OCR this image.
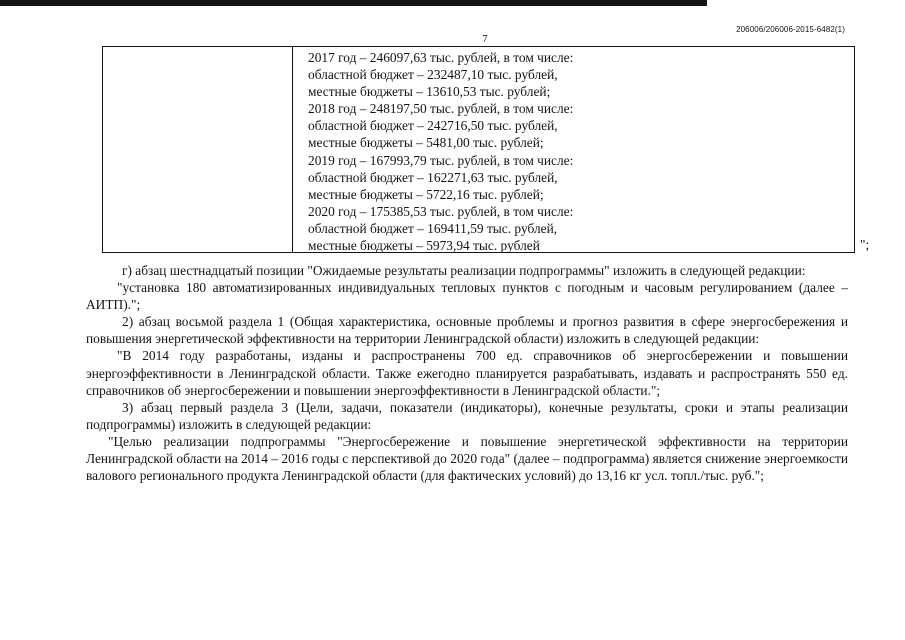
7
206006/206006-2015-6482(1)
2017 год – 246097,63 тыс. рублей, в том числе:
областной бюджет – 232487,10 тыс. рублей,
местные бюджеты – 13610,53 тыс. рублей;
2018 год – 248197,50 тыс. рублей, в том числе:
областной бюджет – 242716,50 тыс. рублей,
местные бюджеты – 5481,00 тыс. рублей;
2019 год – 167993,79 тыс. рублей, в том числе:
областной бюджет – 162271,63 тыс. рублей,
местные бюджеты – 5722,16 тыс. рублей;
2020 год – 175385,53 тыс. рублей, в том числе:
областной бюджет – 169411,59 тыс. рублей,
местные бюджеты – 5973,94 тыс. рублей	";

г) абзац шестнадцатый позиции "Ожидаемые результаты реализации подпрограммы" изложить в следующей редакции:

"установка 180 автоматизированных индивидуальных тепловых пунктов с погодным и часовым регулированием (далее – АИТП).";

2) абзац восьмой раздела 1 (Общая характеристика, основные проблемы и прогноз развития в сфере энергосбережения и повышения энергетической эффективности на территории Ленинградской области) изложить в следующей редакции:

"В 2014 году разработаны, изданы и распространены 700 ед. справочников об энергосбережении и повышении энергоэффективности в Ленинградской области. Также ежегодно планируется разрабатывать, издавать и распространять 550 ед. справочников об энергосбережении и повышении энергоэффективности в Ленинградской области.";

3) абзац первый раздела 3 (Цели, задачи, показатели (индикаторы), конечные результаты, сроки и этапы реализации подпрограммы) изложить в следующей редакции:

"Целью реализации подпрограммы "Энергосбережение и повышение энергетической эффективности на территории Ленинградской области на 2014 – 2016 годы с перспективой до 2020 года" (далее – подпрограмма) является снижение энергоемкости валового регионального продукта Ленинградской области (для фактических условий) до 13,16 кг усл. топл./тыс. руб.";
